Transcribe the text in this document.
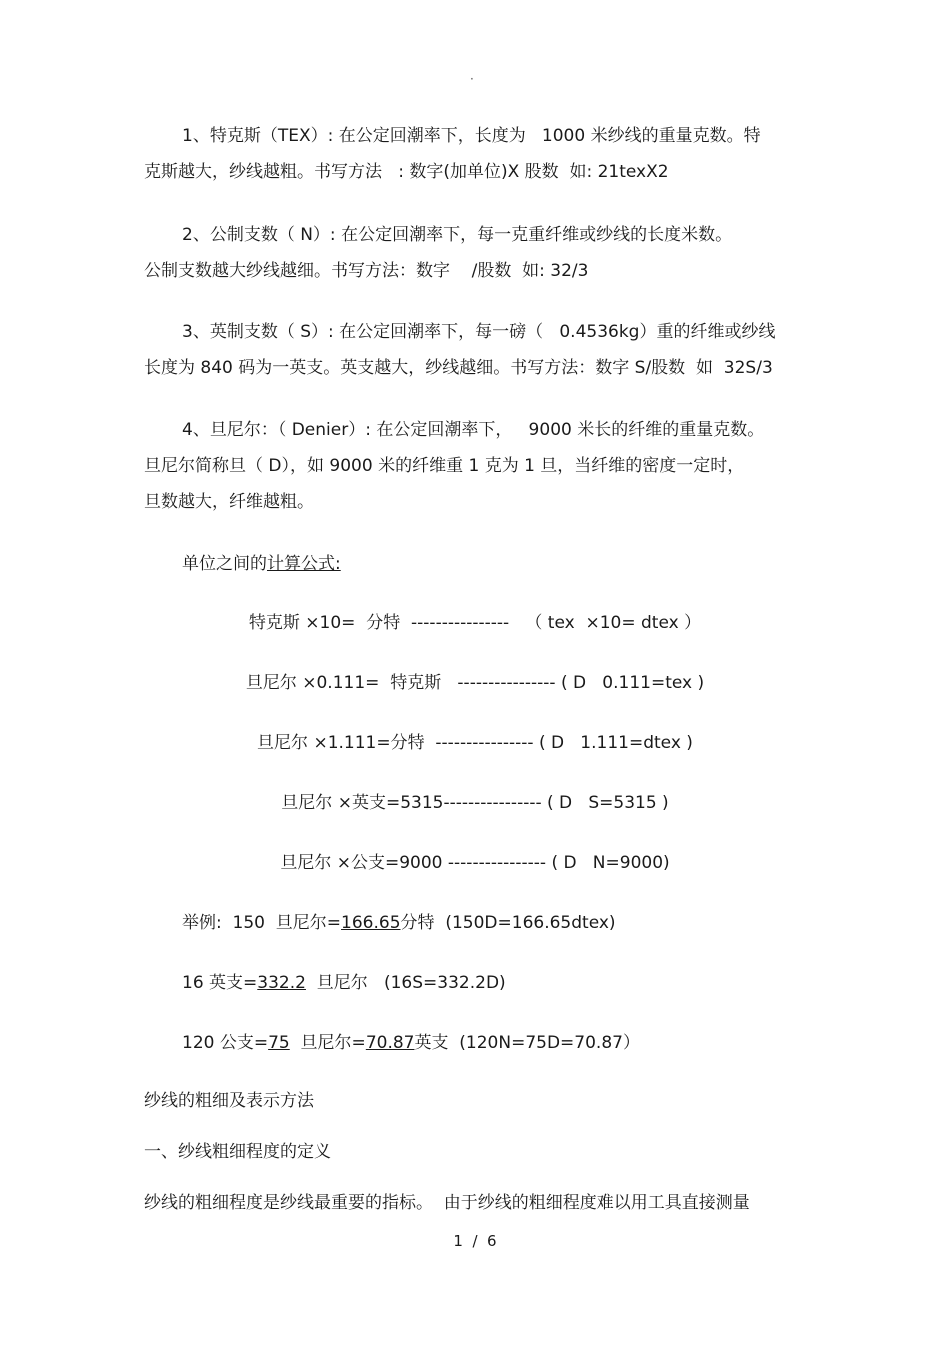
·
1、特克斯（TEX）: 在公定回潮率下，长度为   1000 米纱线的重量克数。特
克斯越大，纱线越粗。书写方法   : 数字(加单位)X 股数  如: 21texX2
2、公制支数（ N）: 在公定回潮率下，每一克重纤维或纱线的长度米数。
公制支数越大纱线越细。书写方法：数字    /股数  如: 32/3
3、英制支数（ S）: 在公定回潮率下，每一磅（   0.4536kg）重的纤维或纱线
长度为 840 码为一英支。英支越大，纱线越细。书写方法：数字 S/股数  如  32S/3
4、旦尼尔：（ Denier）: 在公定回潮率下，   9000 米长的纤维的重量克数。
旦尼尔简称旦（ D），如 9000 米的纤维重 1 克为 1 旦，当纤维的密度一定时，
旦数越大，纤维越粗。
单位之间的计算公式:
特克斯 ×10=  分特  ----------------   （ tex  ×10= dtex ）
旦尼尔 ×0.111=  特克斯   ---------------- ( D   0.111=tex )
旦尼尔 ×1.111=分特  ---------------- ( D   1.111=dtex )
旦尼尔 ×英支=5315---------------- ( D   S=5315 )
旦尼尔 ×公支=9000 ---------------- ( D   N=9000)
举例:  150  旦尼尔=166.65分特  (150D=166.65dtex)
16 英支=332.2  旦尼尔   (16S=332.2D)
120 公支=75  旦尼尔=70.87英支  (120N=75D=70.87）
纱线的粗细及表示方法
一、纱线粗细程度的定义
纱线的粗细程度是纱线最重要的指标。  由于纱线的粗细程度难以用工具直接测量
1  /  6
